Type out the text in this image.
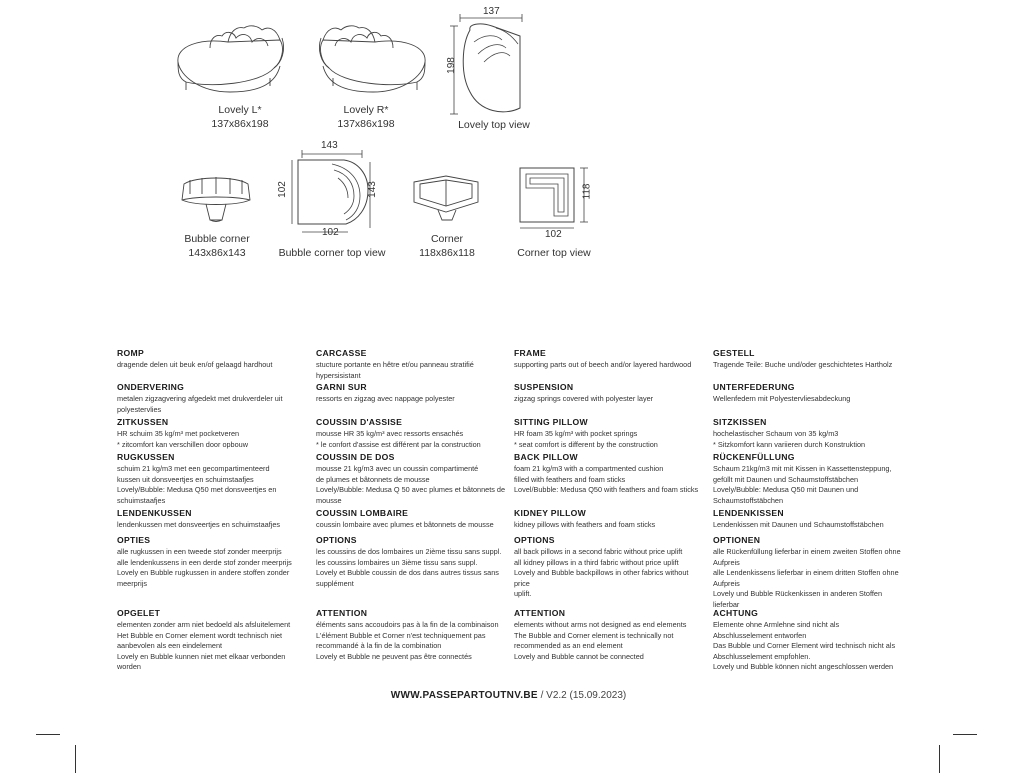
Lovely L*
137x86x198
Lovely R*
137x86x198
137
198
Lovely top view
Bubble corner
143x86x143
143
102	143
102
Bubble corner top view
Corner
118x86x118
118
102
Corner top view
ROMP
dragende delen uit beuk en/of gelaagd hardhout
ONDERVERING
metalen zigzagvering afgedekt met drukverdeler uit
polyestervlies
ZITKUSSEN
HR schuim 35 kg/m³ met pocketveren
* zitcomfort kan verschillen door opbouw
RUGKUSSEN
schuim 21 kg/m3 met een gecompartimenteerd
kussen uit donsveertjes en schuimstaafjes
Lovely/Bubble: Medusa Q50 met donsveertjes en
schuimstaafjes
LENDENKUSSEN
lendenkussen met donsveertjes en schuimstaafjes
OPTIES
alle rugkussen in een tweede stof zonder meerprijs
alle lendenkussens in een derde stof zonder meerprijs
Lovely en Bubble rugkussen in andere stoffen zonder
meerprijs
OPGELET
elementen zonder arm niet bedoeld als afsluitelement
Het Bubble en Corner element wordt technisch niet
aanbevolen als een eindelement
Lovely en Bubble kunnen niet met elkaar verbonden worden
CARCASSE
stucture portante en hêtre et/ou panneau stratifié
hypersisistant
GARNI SUR
ressorts en zigzag avec nappage polyester
COUSSIN D'ASSISE
mousse HR 35 kg/m³ avec ressorts ensachés
* le confort d'assise est différent par la construction
COUSSIN DE DOS
mousse 21 kg/m3 avec un coussin compartimenté
de plumes et bâtonnets de mousse
Lovely/Bubble: Medusa Q 50 avec plumes et bâtonnets de
mousse
COUSSIN LOMBAIRE
coussin lombaire avec plumes et bâtonnets de mousse
OPTIONS
les coussins de dos lombaires un 2ième tissu sans suppl.
les coussins lombaires un 3ième tissu sans suppl.
Lovely et Bubble coussin de dos dans autres tissus sans
supplément
ATTENTION
éléments sans accoudoirs pas à la fin de la combinaison
L'élément Bubble et Corner n'est techniquement pas
recommandé à la fin de la combination
Lovely et Bubble ne peuvent pas être connectés
FRAME
supporting parts out of beech and/or layered hardwood
SUSPENSION
zigzag springs covered with polyester layer
SITTING PILLOW
HR foam 35 kg/m³ with pocket springs
* seat comfort is different by the construction
BACK PILLOW
foam 21 kg/m3 with a compartmented cushion
filled with feathers and foam sticks
Lovel/Bubble: Medusa Q50 with feathers and foam sticks
KIDNEY PILLOW
kidney pillows with feathers and foam sticks
OPTIONS
all back pillows in a second fabric without price uplift
all kidney pillows in a third fabric without price uplift
Lovely and Bubble backpillows in other fabrics without price
uplift.
ATTENTION
elements without arms not designed as end elements
The Bubble and Corner element is technically not
recommended as an end element
Lovely and Bubble cannot be connected
GESTELL
Tragende Teile: Buche und/oder geschichtetes Hartholz
UNTERFEDERUNG
Wellenfedern mit Polyestervliesabdeckung
SITZKISSEN
hochelastischer Schaum von 35 kg/m3
* Sitzkomfort kann variieren durch Konstruktion
RÜCKENFÜLLUNG
Schaum 21kg/m3 mit mit Kissen in Kassettensteppung,
gefüllt mit Daunen und Schaumstoffstäbchen
Lovely/Bubble: Medusa Q50 mit Daunen und
Schaumstoffstäbchen
LENDENKISSEN
Lendenkissen mit Daunen und Schaumstoffstäbchen
OPTIONEN
alle Rückenfüllung lieferbar in einem zweiten Stoffen ohne
Aufpreis
alle Lendenkissens lieferbar in einem dritten Stoffen ohne
Aufpreis
Lovely und Bubble Rückenkissen in anderen Stoffen
lieferbar
ACHTUNG
Elemente ohne Armlehne sind nicht als
Abschlusselement entworfen
Das Bubble und Corner Element wird technisch nicht als
Abschlusselement empfohlen.
Lovely und Bubble können nicht angeschlossen werden
WWW.PASSEPARTOUTNV.BE / V2.2 (15.09.2023)
